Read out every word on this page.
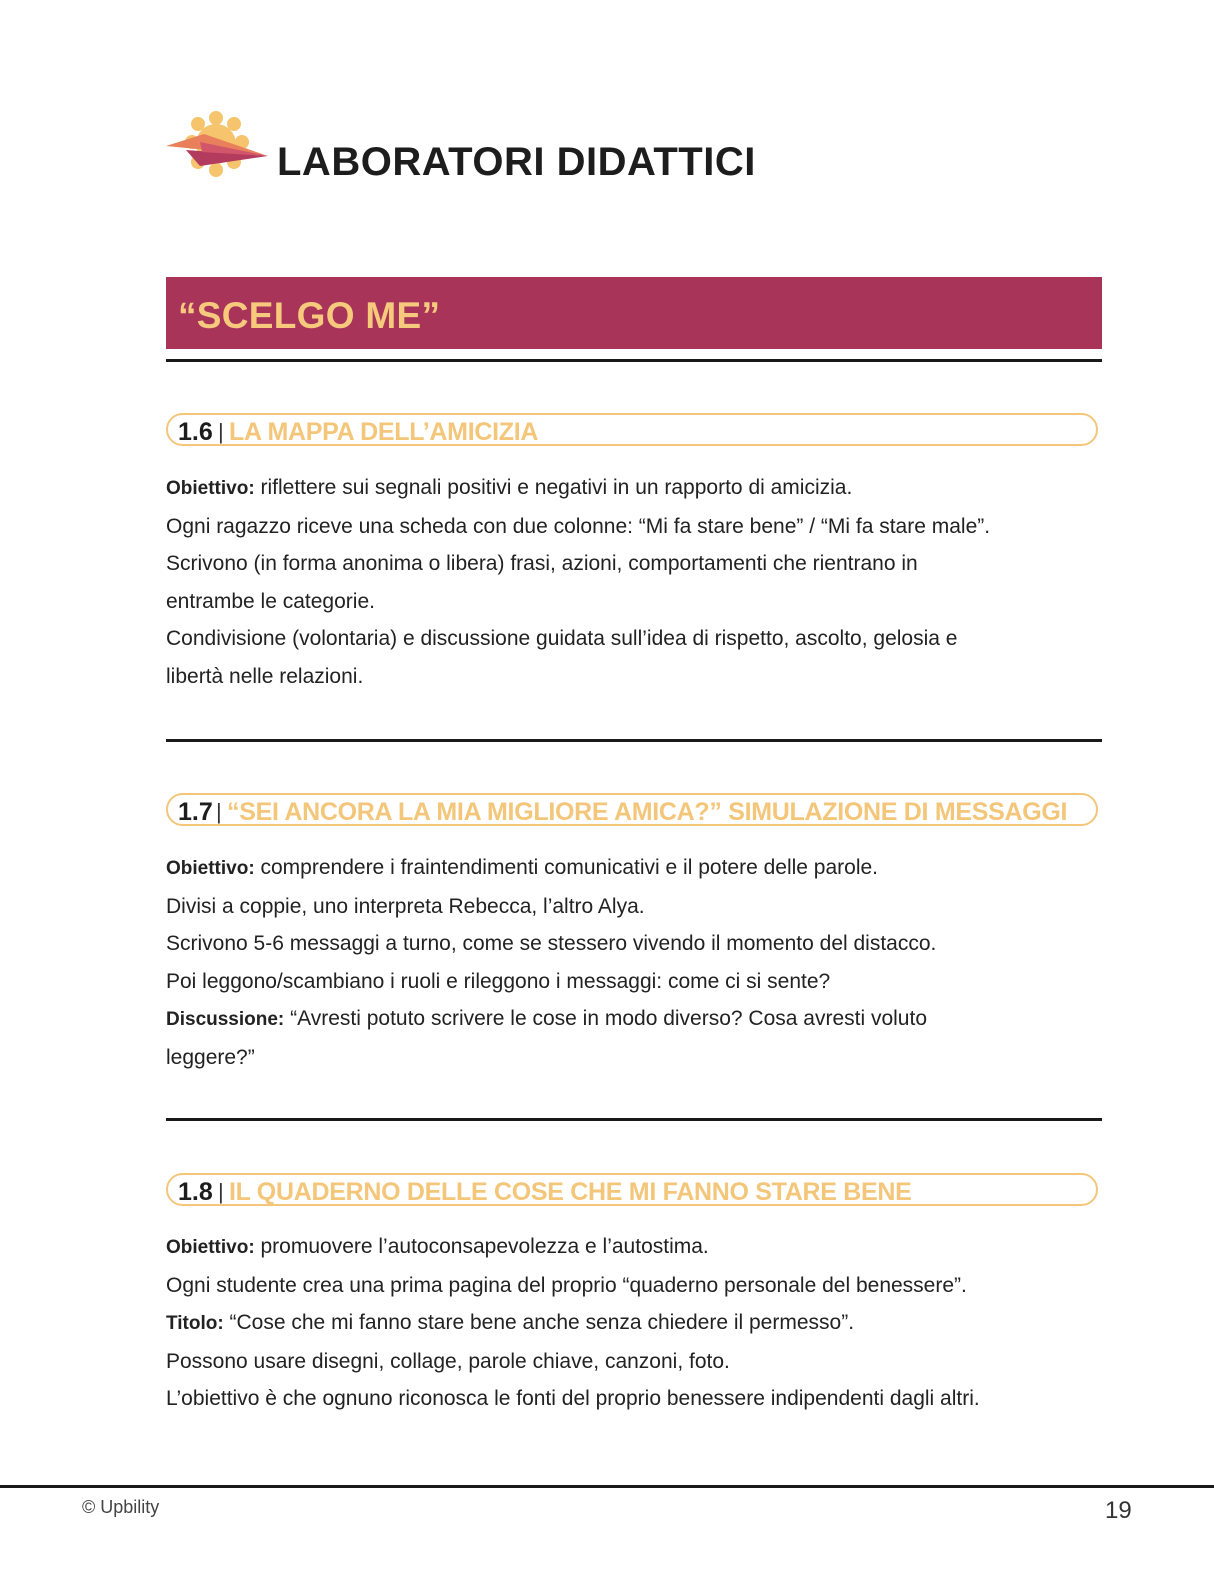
LABORATORI DIDATTICI
“SCELGO ME”
1.6 | LA MAPPA DELL’AMICIZIA

Obiettivo: riflettere sui segnali positivi e negativi in un rapporto di amicizia.

Ogni ragazzo riceve una scheda con due colonne: “Mi fa stare bene” / “Mi fa stare male”.

Scrivono (in forma anonima o libera) frasi, azioni, comportamenti che rientrano in

entrambe le categorie.

Condivisione (volontaria) e discussione guidata sull’idea di rispetto, ascolto, gelosia e

libertà nelle relazioni.

1.7 | “SEI ANCORA LA MIA MIGLIORE AMICA?” SIMULAZIONE DI MESSAGGI

Obiettivo: comprendere i fraintendimenti comunicativi e il potere delle parole.

Divisi a coppie, uno interpreta Rebecca, l’altro Alya.

Scrivono 5-6 messaggi a turno, come se stessero vivendo il momento del distacco.

Poi leggono/scambiano i ruoli e rileggono i messaggi: come ci si sente?

Discussione: “Avresti potuto scrivere le cose in modo diverso? Cosa avresti voluto

leggere?”

1.8 | IL QUADERNO DELLE COSE CHE MI FANNO STARE BENE

Obiettivo: promuovere l’autoconsapevolezza e l’autostima.

Ogni studente crea una prima pagina del proprio “quaderno personale del benessere”.

Titolo: “Cose che mi fanno stare bene anche senza chiedere il permesso”.

Possono usare disegni, collage, parole chiave, canzoni, foto.

L’obiettivo è che ognuno riconosca le fonti del proprio benessere indipendenti dagli altri.

© Upbility	19
